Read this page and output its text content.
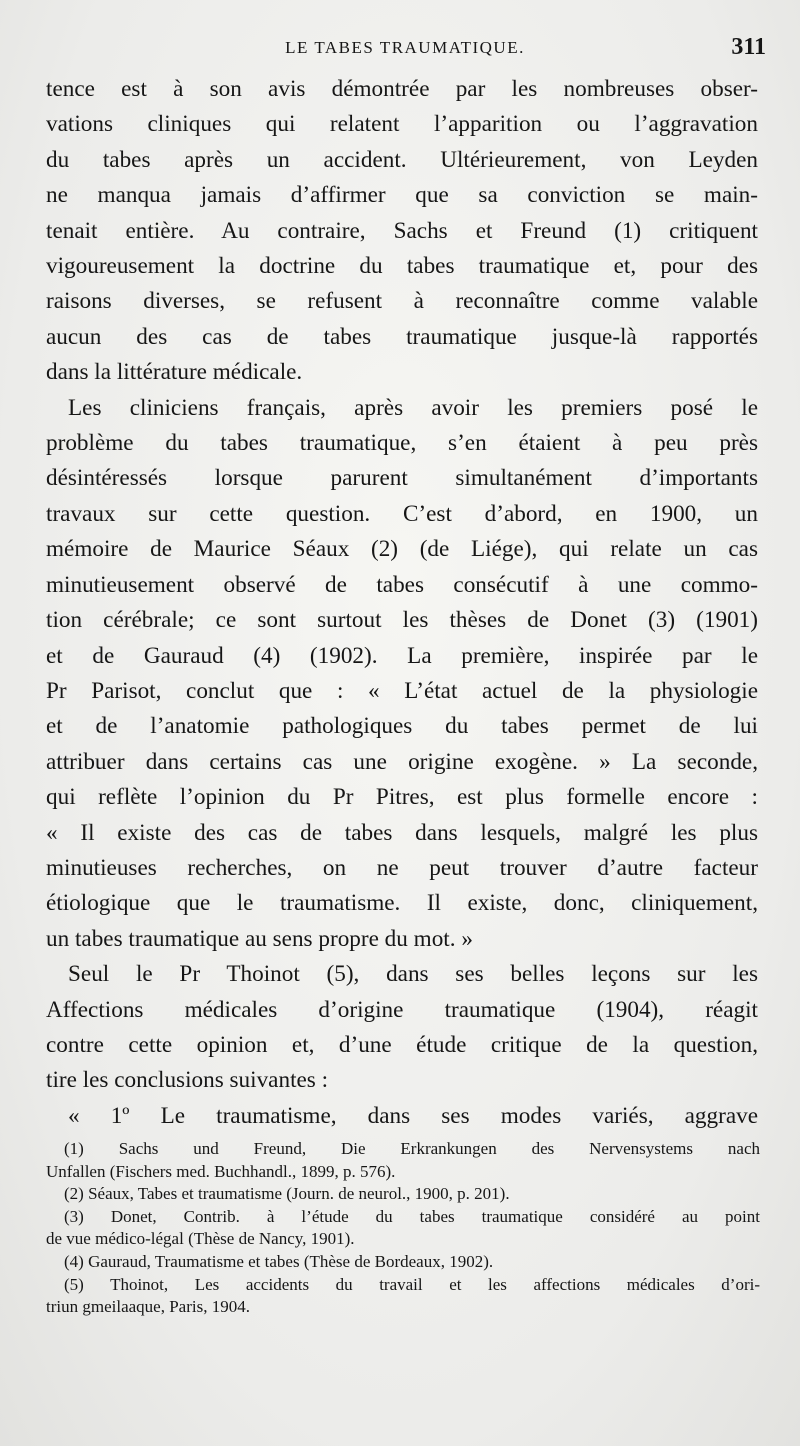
LE TABES TRAUMATIQUE.	311
tence est à son avis démontrée par les nombreuses obser-
vations cliniques qui relatent l’apparition ou l’aggravation
du tabes après un accident. Ultérieurement, von Leyden
ne manqua jamais d’affirmer que sa conviction se main-
tenait entière. Au contraire, Sachs et Freund (1) critiquent
vigoureusement la doctrine du tabes traumatique et, pour des
raisons diverses, se refusent à reconnaître comme valable
aucun des cas de tabes traumatique jusque-là rapportés
dans la littérature médicale.
Les cliniciens français, après avoir les premiers posé le
problème du tabes traumatique, s’en étaient à peu près
désintéressés lorsque parurent simultanément d’importants
travaux sur cette question. C’est d’abord, en 1900, un
mémoire de Maurice Séaux (2) (de Liége), qui relate un cas
minutieusement observé de tabes consécutif à une commo-
tion cérébrale; ce sont surtout les thèses de Donet (3) (1901)
et de Gauraud (4) (1902). La première, inspirée par le
Pr Parisot, conclut que : « L’état actuel de la physiologie
et de l’anatomie pathologiques du tabes permet de lui
attribuer dans certains cas une origine exogène. » La seconde,
qui reflète l’opinion du Pr Pitres, est plus formelle encore :
« Il existe des cas de tabes dans lesquels, malgré les plus
minutieuses recherches, on ne peut trouver d’autre facteur
étiologique que le traumatisme. Il existe, donc, cliniquement,
un tabes traumatique au sens propre du mot. »
Seul le Pr Thoinot (5), dans ses belles leçons sur les
Affections médicales d’origine traumatique (1904), réagit
contre cette opinion et, d’une étude critique de la question,
tire les conclusions suivantes :
« 1º Le traumatisme, dans ses modes variés, aggrave
(1) Sachs und Freund, Die Erkrankungen des Nervensystems nach
Unfallen (Fischers med. Buchhandl., 1899, p. 576).
(2) Séaux, Tabes et traumatisme (Journ. de neurol., 1900, p. 201).
(3) Donet, Contrib. à l’étude du tabes traumatique considéré au point
de vue médico-légal (Thèse de Nancy, 1901).
(4) Gauraud, Traumatisme et tabes (Thèse de Bordeaux, 1902).
(5) Thoinot, Les accidents du travail et les affections médicales d’ori-
triun gmeilaaque, Paris, 1904.
